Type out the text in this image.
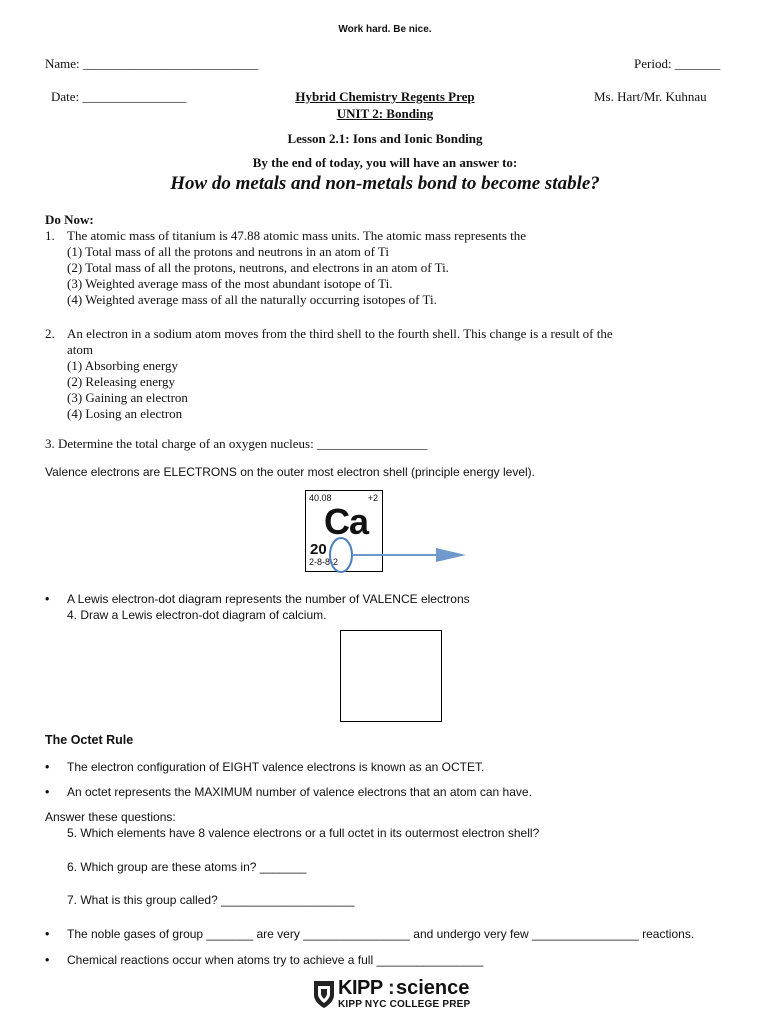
Work hard. Be nice.
Name: ___________________________	Period: _______
Date: ________________	Hybrid Chemistry Regents Prep
UNIT 2: Bonding
Ms. Hart/Mr. Kuhnau
Lesson 2.1: Ions and Ionic Bonding
By the end of today, you will have an answer to:
How do metals and non-metals bond to become stable?
Do Now:
1. The atomic mass of titanium is 47.88 atomic mass units. The atomic mass represents the
(1) Total mass of all the protons and neutrons in an atom of Ti
(2) Total mass of all the protons, neutrons, and electrons in an atom of Ti.
(3) Weighted average mass of the most abundant isotope of Ti.
(4) Weighted average mass of all the naturally occurring isotopes of Ti.
2. An electron in a sodium atom moves from the third shell to the fourth shell. This change is a result of the
atom
(1) Absorbing energy
(2) Releasing energy
(3) Gaining an electron
(4) Losing an electron
3. Determine the total charge of an oxygen nucleus: _________________
Valence electrons are ELECTRONS on the outer most electron shell (principle energy level).
40.08	+2
Ca
20
2-8-8-2
• A Lewis electron-dot diagram represents the number of VALENCE electrons
4. Draw a Lewis electron-dot diagram of calcium.
The Octet Rule
• The electron configuration of EIGHT valence electrons is known as an OCTET.
• An octet represents the MAXIMUM number of valence electrons that an atom can have.
Answer these questions:
5. Which elements have 8 valence electrons or a full octet in its outermost electron shell?
6. Which group are these atoms in? _______
7. What is this group called? ____________________
• The noble gases of group _______ are very ________________ and undergo very few ________________ reactions.
• Chemical reactions occur when atoms try to achieve a full ________________
KIPP : science
KIPP NYC COLLEGE PREP
